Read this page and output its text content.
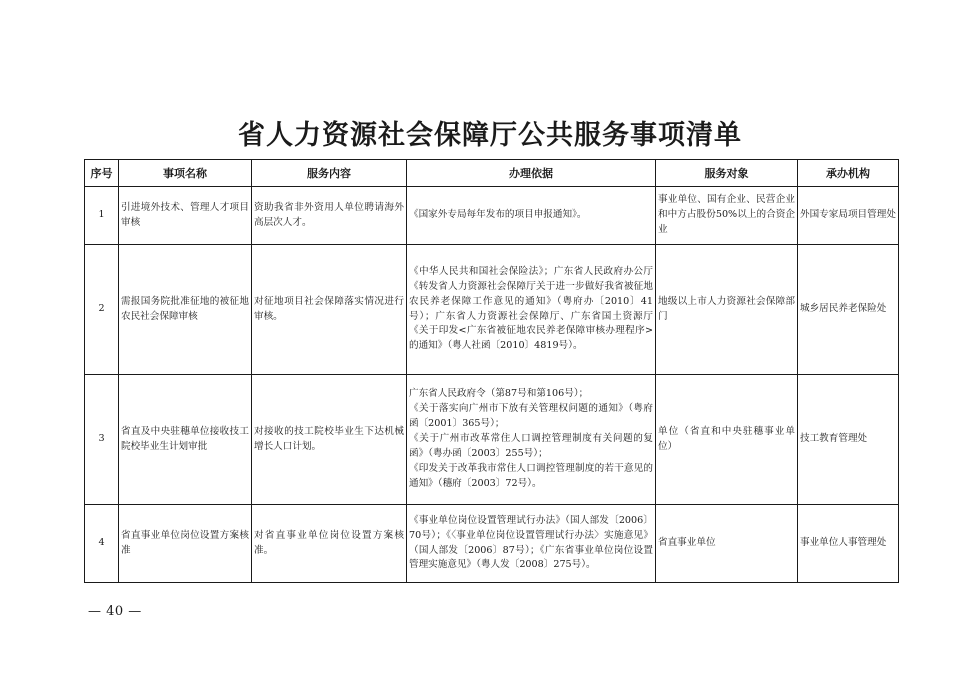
省人力资源社会保障厅公共服务事项清单
序号	事项名称	服务内容	办理依据	服务对象	承办机构
1	引进境外技术、管理人才项目审核	资助我省非外资用人单位聘请海外高层次人才。	《国家外专局每年发布的项目申报通知》。	事业单位、国有企业、民营企业和中方占股份50%以上的合资企业	外国专家局项目管理处
2	需报国务院批准征地的被征地农民社会保障审核	对征地项目社会保障落实情况进行审核。	《中华人民共和国社会保险法》；广东省人民政府办公厅《转发省人力资源社会保障厅关于进一步做好我省被征地农民养老保障工作意见的通知》（粤府办〔2010〕41号）；广东省人力资源社会保障厅、广东省国土资源厅《关于印发<广东省被征地农民养老保障审核办理程序>的通知》（粤人社函〔2010〕4819号）。	地级以上市人力资源社会保障部门	城乡居民养老保险处
3	省直及中央驻穗单位接收技工院校毕业生计划审批	对接收的技工院校毕业生下达机械增长人口计划。	广东省人民政府令（第87号和第106号）；
《关于落实向广州市下放有关管理权问题的通知》（粤府函〔2001〕365号）；
《关于广州市改革常住人口调控管理制度有关问题的复函》（粤办函〔2003〕255号）；
《印发关于改革我市常住人口调控管理制度的若干意见的通知》（穗府〔2003〕72号）。	单位（省直和中央驻穗事业单位）	技工教育管理处
4	省直事业单位岗位设置方案核准	对省直事业单位岗位设置方案核准。	《事业单位岗位设置管理试行办法》（国人部发〔2006〕70号）；《〈事业单位岗位设置管理试行办法〉实施意见》（国人部发〔2006〕87号）；《广东省事业单位岗位设置管理实施意见》（粤人发〔2008〕275号）。	省直事业单位	事业单位人事管理处
— 40 —
